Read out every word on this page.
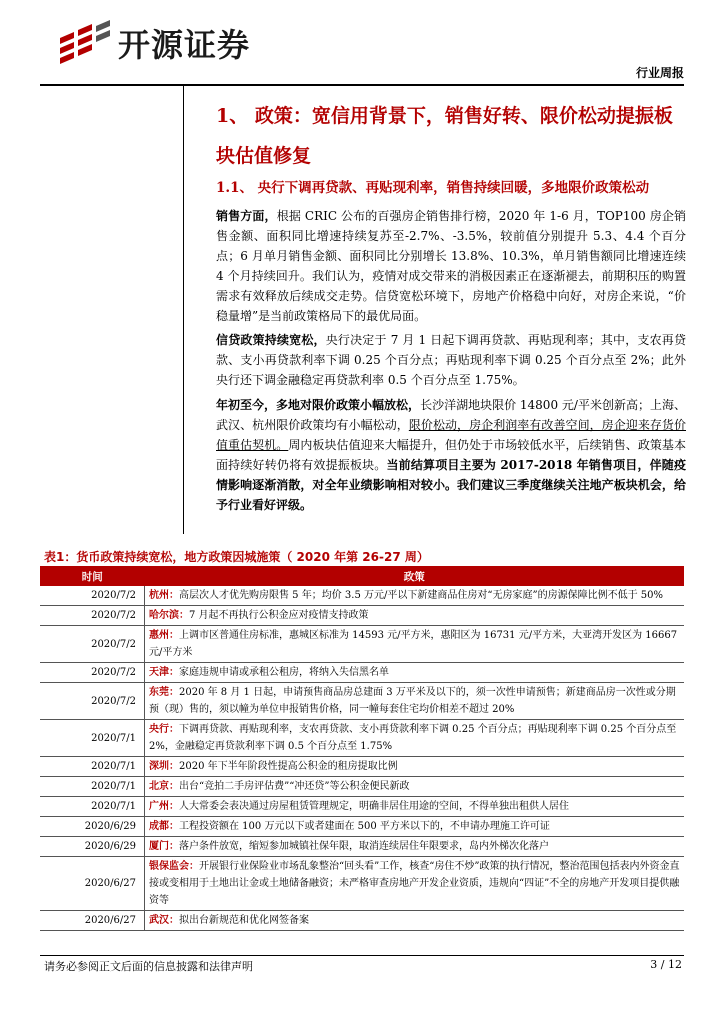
开源证券
行业周报
1、 政策：宽信用背景下，销售好转、限价松动提振板块估值修复
1.1、 央行下调再贷款、再贴现利率，销售持续回暖，多地限价政策松动
销售方面，根据 CRIC 公布的百强房企销售排行榜，2020 年 1-6 月，TOP100 房企销售金额、面积同比增速持续复苏至-2.7%、-3.5%，较前值分别提升 5.3、4.4 个百分点；6 月单月销售金额、面积同比分别增长 13.8%、10.3%，单月销售额同比增速连续 4 个月持续回升。我们认为，疫情对成交带来的消极因素正在逐渐褪去，前期积压的购置需求有效释放后续成交走势。信贷宽松环境下，房地产价格稳中向好，对房企来说，“价稳量增”是当前政策格局下的最优局面。
信贷政策持续宽松，央行决定于 7 月 1 日起下调再贷款、再贴现利率；其中，支农再贷款、支小再贷款利率下调 0.25 个百分点；再贴现利率下调 0.25 个百分点至 2%；此外央行还下调金融稳定再贷款利率 0.5 个百分点至 1.75%。
年初至今，多地对限价政策小幅放松，长沙洋湖地块限价 14800 元/平米创新高；上海、武汉、杭州限价政策均有小幅松动，限价松动，房企利润率有改善空间，房企迎来存货价值重估契机。周内板块估值迎来大幅提升，但仍处于市场较低水平，后续销售、政策基本面持续好转仍将有效提振板块。当前结算项目主要为 2017-2018 年销售项目，伴随疫情影响逐渐消散，对全年业绩影响相对较小。我们建议三季度继续关注地产板块机会，给予行业看好评级。
表1：货币政策持续宽松，地方政策因城施策（ 2020 年第 26-27 周）
时间	政策
2020/7/2	杭州：高层次人才优先购房限售 5 年；均价 3.5 万元/平以下新建商品住房对“无房家庭”的房源保障比例不低于 50%
2020/7/2	哈尔滨：7 月起不再执行公积金应对疫情支持政策
2020/7/2	惠州：上调市区普通住房标准，惠城区标准为 14593 元/平方米，惠阳区为 16731 元/平方米，大亚湾开发区为 16667 元/平方米
2020/7/2	天津：家庭违规申请或承租公租房，将纳入失信黑名单
2020/7/2	东莞：2020 年 8 月 1 日起，申请预售商品房总建面 3 万平米及以下的，须一次性申请预售；新建商品房一次性或分期预（现）售的，须以幢为单位申报销售价格，同一幢每套住宅均价相差不超过 20%
2020/7/1	央行：下调再贷款、再贴现利率，支农再贷款、支小再贷款利率下调 0.25 个百分点；再贴现利率下调 0.25 个百分点至 2%，金融稳定再贷款利率下调 0.5 个百分点至 1.75%
2020/7/1	深圳：2020 年下半年阶段性提高公积金的租房提取比例
2020/7/1	北京：出台“竞拍二手房评估费”“冲还贷”等公积金便民新政
2020/7/1	广州：人大常委会表决通过房屋租赁管理规定，明确非居住用途的空间，不得单独出租供人居住
2020/6/29	成都：工程投资额在 100 万元以下或者建面在 500 平方米以下的，不申请办理施工许可证
2020/6/29	厦门：落户条件放宽，缩短参加城镇社保年限，取消连续居住年限要求，岛内外梯次化落户
2020/6/27	银保监会：开展银行业保险业市场乱象整治“回头看”工作，核查“房住不炒”政策的执行情况，整治范围包括表内外资金直接或变相用于土地出让金或土地储备融资；未严格审查房地产开发企业资质，违规向“四证”不全的房地产开发项目提供融资等
2020/6/27	武汉：拟出台新规范和优化网签备案
请务必参阅正文后面的信息披露和法律声明	3 / 12
